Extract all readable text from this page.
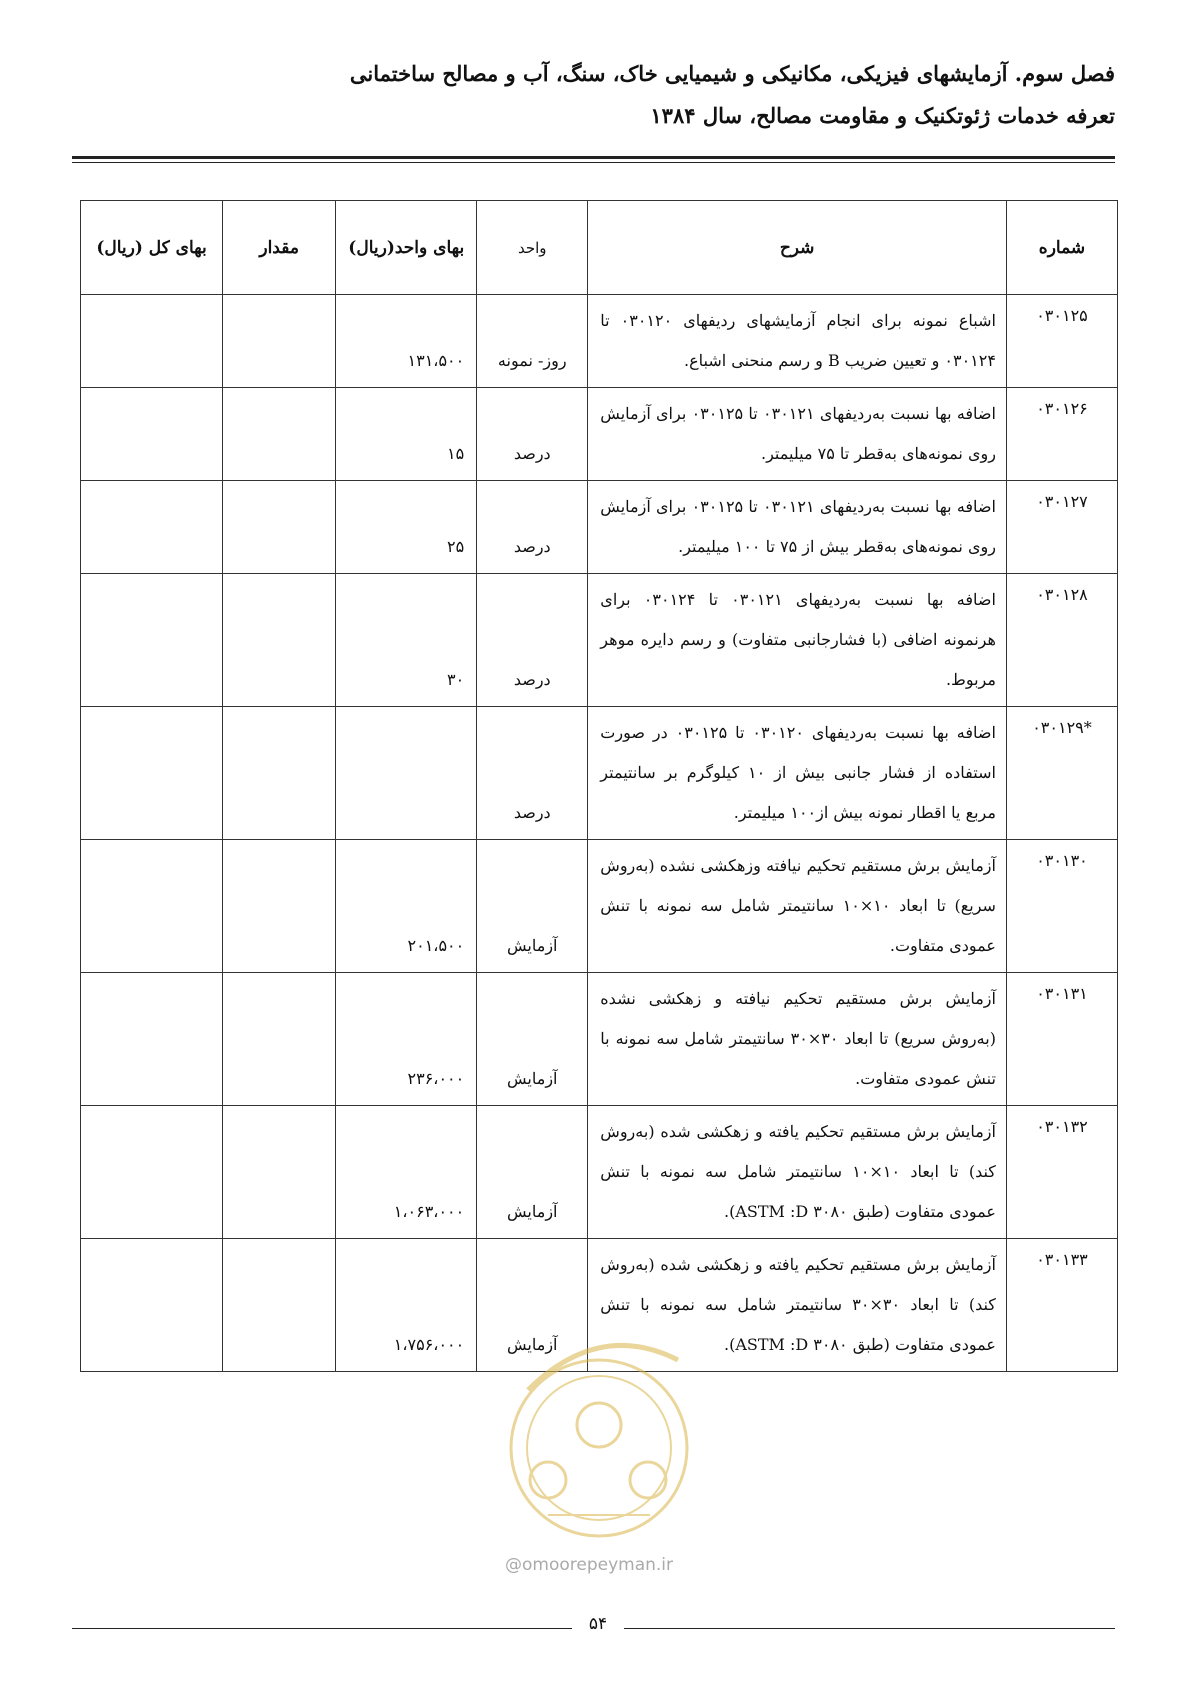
فصل سوم. آزمایشهای فیزیکی، مکانیکی و شیمیایی خاک، سنگ، آب و مصالح ساختمانی
تعرفه خدمات ژئوتکنیک و مقاومت مصالح، سال ۱۳۸۴
شماره	شرح	واحد	بهای واحد(ریال)	مقدار	بهای کل (ریال)
۰۳۰۱۲۵	اشباع نمونه برای انجام آزمایشهای ردیفهای ۰۳۰۱۲۰ تا ۰۳۰۱۲۴ و تعیین ضریب B و رسم منحنی اشباع.	روز- نمونه	۱۳۱،۵۰۰		
۰۳۰۱۲۶	اضافه بها نسبت به‌ردیفهای ۰۳۰۱۲۱ تا ۰۳۰۱۲۵ برای آزمایش روی نمونه‌های به‌قطر تا ۷۵ میلیمتر.	درصد	۱۵		
۰۳۰۱۲۷	اضافه بها نسبت به‌ردیفهای ۰۳۰۱۲۱ تا ۰۳۰۱۲۵ برای آزمایش روی نمونه‌های به‌قطر بیش از ۷۵ تا ۱۰۰ میلیمتر.	درصد	۲۵		
۰۳۰۱۲۸	اضافه بها نسبت به‌ردیفهای ۰۳۰۱۲۱ تا ۰۳۰۱۲۴ برای هرنمونه اضافی (با فشارجانبی متفاوت) و رسم دایره موهر مربوط.	درصد	۳۰		
*۰۳۰۱۲۹	اضافه بها نسبت به‌ردیفهای ۰۳۰۱۲۰ تا ۰۳۰۱۲۵ در صورت استفاده از فشار جانبی بیش از ۱۰ کیلوگرم بر سانتیمتر مربع یا اقطار نمونه بیش از۱۰۰ میلیمتر.	درصد			
۰۳۰۱۳۰	آزمایش برش مستقیم تحکیم نیافته وزهکشی نشده (به‌روش سریع) تا ابعاد ۱۰×۱۰ سانتیمتر شامل سه نمونه با تنش عمودی متفاوت.	آزمایش	۲۰۱،۵۰۰		
۰۳۰۱۳۱	آزمایش برش مستقیم تحکیم نیافته و زهکشی نشده (به‌روش سریع) تا ابعاد ۳۰×۳۰ سانتیمتر شامل سه نمونه با تنش عمودی متفاوت.	آزمایش	۲۳۶،۰۰۰		
۰۳۰۱۳۲	آزمایش برش مستقیم تحکیم یافته و زهکشی شده (به‌روش کند) تا ابعاد ۱۰×۱۰ سانتیمتر شامل سه نمونه با تنش عمودی متفاوت (طبق ASTM :D ۳۰۸۰).	آزمایش	۱،۰۶۳،۰۰۰		
۰۳۰۱۳۳	آزمایش برش مستقیم تحکیم یافته و زهکشی شده (به‌روش کند) تا ابعاد ۳۰×۳۰ سانتیمتر شامل سه نمونه با تنش عمودی متفاوت (طبق ASTM :D ۳۰۸۰).	آزمایش	۱،۷۵۶،۰۰۰		
@omoorepeyman.ir
۵۴
